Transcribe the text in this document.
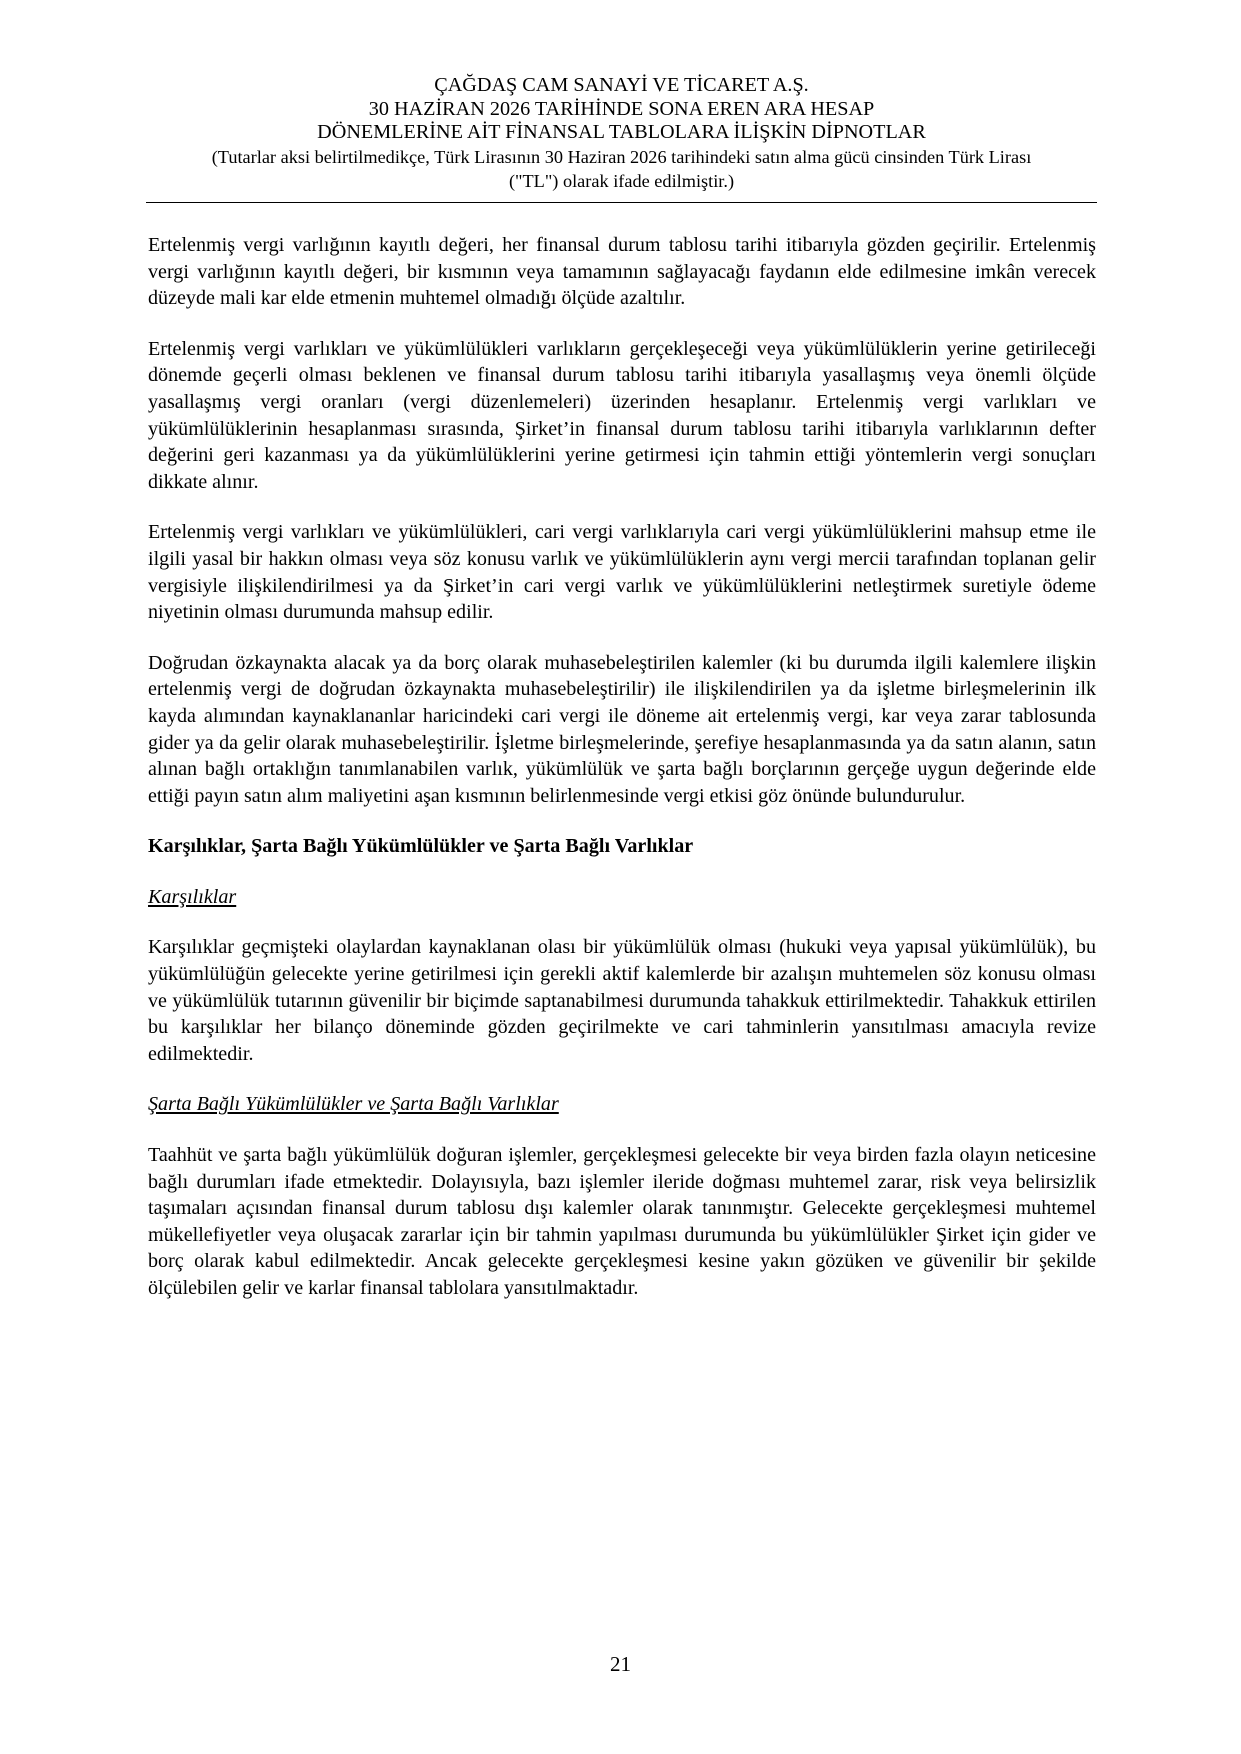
ÇAĞDAŞ CAM SANAYİ VE TİCARET A.Ş.
30 HAZİRAN 2026 TARİHİNDE SONA EREN ARA HESAP
DÖNEMLERİNE AİT FİNANSAL TABLOLARA İLİŞKİN DİPNOTLAR
(Tutarlar aksi belirtilmedikçe, Türk Lirasının 30 Haziran 2026 tarihindeki satın alma gücü cinsinden Türk Lirası
("TL") olarak ifade edilmiştir.)

Ertelenmiş vergi varlığının kayıtlı değeri, her finansal durum tablosu tarihi itibarıyla gözden geçirilir. Ertelenmiş vergi varlığının kayıtlı değeri, bir kısmının veya tamamının sağlayacağı faydanın elde edilmesine imkân verecek düzeyde mali kar elde etmenin muhtemel olmadığı ölçüde azaltılır.

Ertelenmiş vergi varlıkları ve yükümlülükleri varlıkların gerçekleşeceği veya yükümlülüklerin yerine getirileceği dönemde geçerli olması beklenen ve finansal durum tablosu tarihi itibarıyla yasallaşmış veya önemli ölçüde yasallaşmış vergi oranları (vergi düzenlemeleri) üzerinden hesaplanır. Ertelenmiş vergi varlıkları ve yükümlülüklerinin hesaplanması sırasında, Şirket’in finansal durum tablosu tarihi itibarıyla varlıklarının defter değerini geri kazanması ya da yükümlülüklerini yerine getirmesi için tahmin ettiği yöntemlerin vergi sonuçları dikkate alınır.

Ertelenmiş vergi varlıkları ve yükümlülükleri, cari vergi varlıklarıyla cari vergi yükümlülüklerini mahsup etme ile ilgili yasal bir hakkın olması veya söz konusu varlık ve yükümlülüklerin aynı vergi mercii tarafından toplanan gelir vergisiyle ilişkilendirilmesi ya da Şirket’in cari vergi varlık ve yükümlülüklerini netleştirmek suretiyle ödeme niyetinin olması durumunda mahsup edilir.

Doğrudan özkaynakta alacak ya da borç olarak muhasebeleştirilen kalemler (ki bu durumda ilgili kalemlere ilişkin ertelenmiş vergi de doğrudan özkaynakta muhasebeleştirilir) ile ilişkilendirilen ya da işletme birleşmelerinin ilk kayda alımından kaynaklananlar haricindeki cari vergi ile döneme ait ertelenmiş vergi, kar veya zarar tablosunda gider ya da gelir olarak muhasebeleştirilir. İşletme birleşmelerinde, şerefiye hesaplanmasında ya da satın alanın, satın alınan bağlı ortaklığın tanımlanabilen varlık, yükümlülük ve şarta bağlı borçlarının gerçeğe uygun değerinde elde ettiği payın satın alım maliyetini aşan kısmının belirlenmesinde vergi etkisi göz önünde bulundurulur.

Karşılıklar, Şarta Bağlı Yükümlülükler ve Şarta Bağlı Varlıklar
Karşılıklar

Karşılıklar geçmişteki olaylardan kaynaklanan olası bir yükümlülük olması (hukuki veya yapısal yükümlülük), bu yükümlülüğün gelecekte yerine getirilmesi için gerekli aktif kalemlerde bir azalışın muhtemelen söz konusu olması ve yükümlülük tutarının güvenilir bir biçimde saptanabilmesi durumunda tahakkuk ettirilmektedir. Tahakkuk ettirilen bu karşılıklar her bilanço döneminde gözden geçirilmekte ve cari tahminlerin yansıtılması amacıyla revize edilmektedir.

Şarta Bağlı Yükümlülükler ve Şarta Bağlı Varlıklar

Taahhüt ve şarta bağlı yükümlülük doğuran işlemler, gerçekleşmesi gelecekte bir veya birden fazla olayın neticesine bağlı durumları ifade etmektedir. Dolayısıyla, bazı işlemler ileride doğması muhtemel zarar, risk veya belirsizlik taşımaları açısından finansal durum tablosu dışı kalemler olarak tanınmıştır. Gelecekte gerçekleşmesi muhtemel mükellefiyetler veya oluşacak zararlar için bir tahmin yapılması durumunda bu yükümlülükler Şirket için gider ve borç olarak kabul edilmektedir. Ancak gelecekte gerçekleşmesi kesine yakın gözüken ve güvenilir bir şekilde ölçülebilen gelir ve karlar finansal tablolara yansıtılmaktadır.

21
